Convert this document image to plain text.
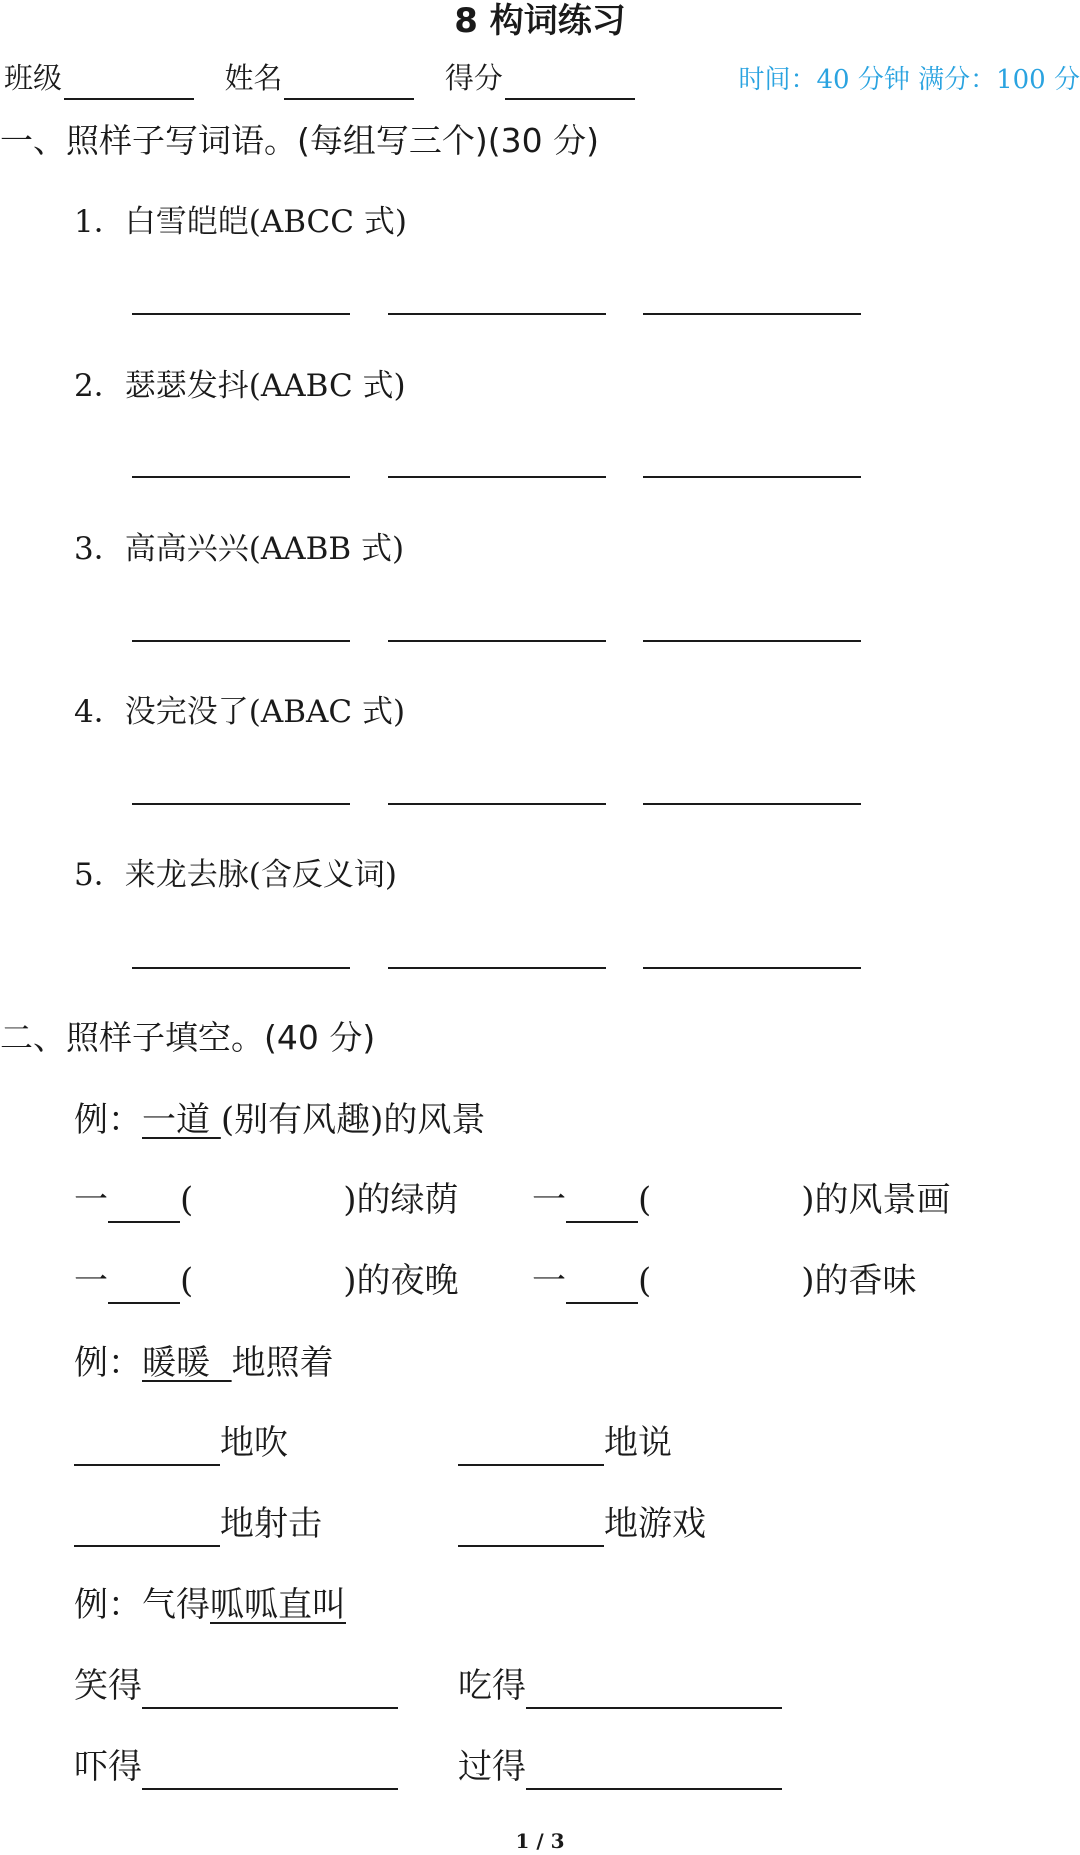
8 构词练习
班级	姓名	得分	时间：40 分钟 满分：100 分
一、照样子写词语。(每组写三个)(30 分)
1．白雪皑皑(ABCC 式)
2．瑟瑟发抖(AABC 式)
3．高高兴兴(AABB 式)
4．没完没了(ABAC 式)
5．来龙去脉(含反义词)
二、照样子填空。(40 分)
例：一道 (别有风趣)的风景
一 (	)的绿荫 一 (	)的风景画
一 (	)的夜晚 一 (	)的香味
例：暖暖  地照着
地吹	地说
地射击	地游戏
例：气得呱呱直叫
笑得	吃得
吓得	过得
1 / 3
